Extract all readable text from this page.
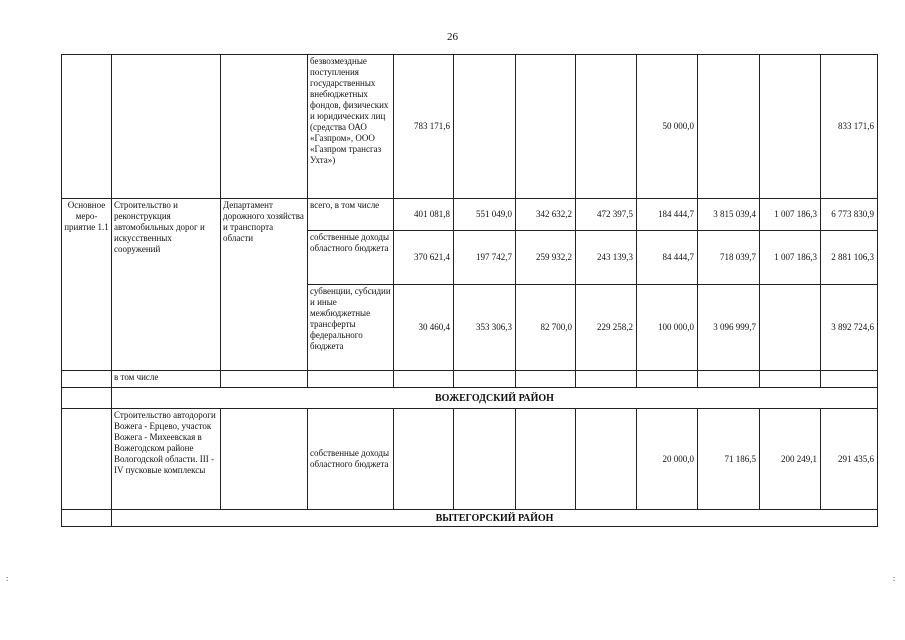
26
			безвозмездные поступления государственных внебюджетных фондов, физических и юридических лиц (средства ОАО «Газпром», ООО «Газпром трансгаз Ухта»)	783 171,6				50 000,0			833 171,6
Основное меро-приятие 1.1	Строительство и реконструкция автомобильных дорог и искусственных сооружений	Департамент дорожного хозяйства и транспорта области	всего, в том числе	401 081,8	551 049,0	342 632,2	472 397,5	184 444,7	3 815 039,4	1 007 186,3	6 773 830,9
			собственные доходы областного бюджета	370 621,4	197 742,7	259 932,2	243 139,3	84 444,7	718 039,7	1 007 186,3	2 881 106,3
			субвенции, субсидии и иные межбюджетные трансферты федерального бюджета	30 460,4	353 306,3	82 700,0	229 258,2	100 000,0	3 096 999,7		3 892 724,6
	в том числе										
	ВОЖЕГОДСКИЙ РАЙОН										
	Строительство автодороги Вожега - Ерцево, участок Вожега - Михеевская в Вожегодском районе Вологодской области. III - IV пусковые комплексы		собственные доходы областного бюджета					20 000,0	71 186,5	200 249,1	291 435,6
	ВЫТЕГОРСКИЙ РАЙОН										
:	:
